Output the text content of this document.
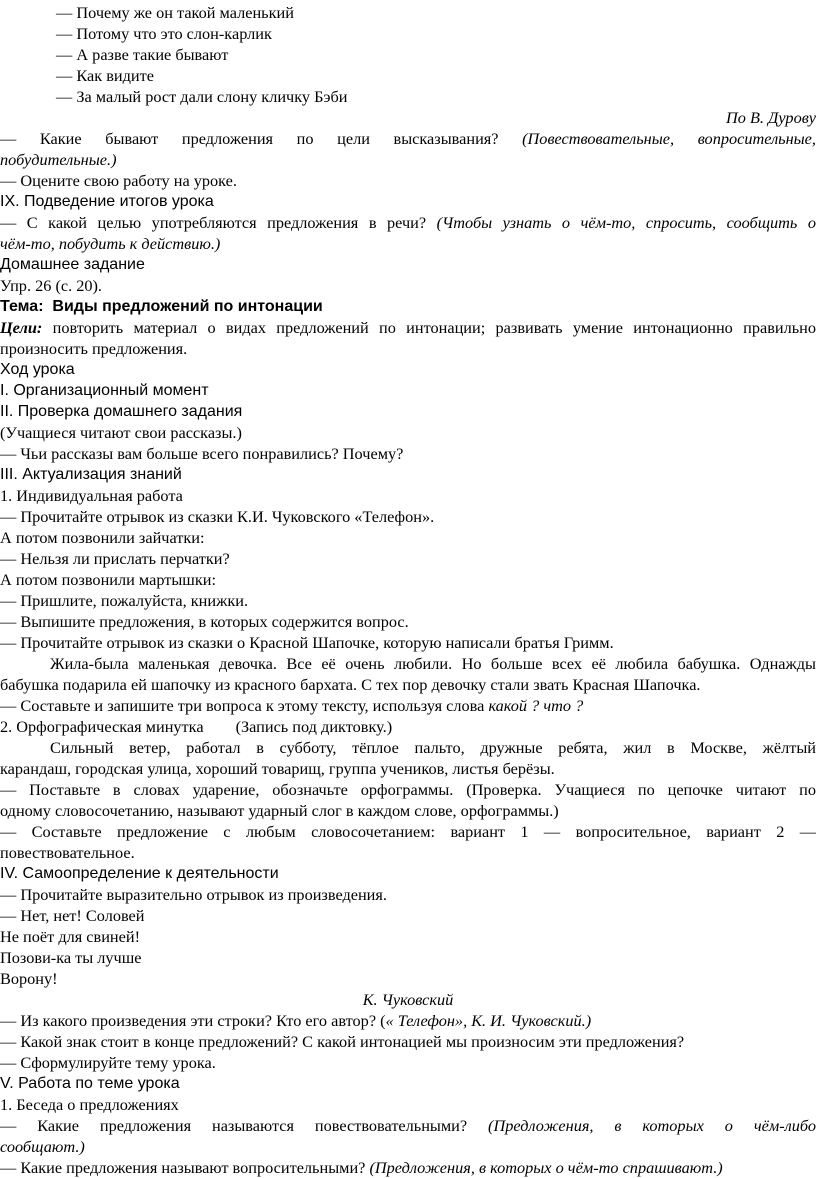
— Почему же он такой маленький
— Потому что это слон-карлик
— А разве такие бывают
— Как видите
— За малый рост дали слону кличку Бэби
По В. Дурову
— Какие бывают предложения по цели высказывания? (Повествовательные, вопросительные,
побудительные.)
— Оцените свою работу на уроке.
IX. Подведение итогов урока
— С какой целью употребляются предложения в речи? (Чтобы узнать о чём-то, спросить, сообщить о
чём-то, побудить к действию.)
Домашнее задание
Упр. 26 (с. 20).
Тема: Виды предложений по интонации
Цели: повторить материал о видах предложений по интонации; развивать умение интонационно правильно
произносить предложения.
Ход урока
I. Организационный момент
II. Проверка домашнего задания
(Учащиеся читают свои рассказы.)
— Чьи рассказы вам больше всего понравились? Почему?
III. Актуализация знаний
1. Индивидуальная работа
— Прочитайте отрывок из сказки К.И. Чуковского «Телефон».
А потом позвонили зайчатки:
— Нельзя ли прислать перчатки?
А потом позвонили мартышки:
— Пришлите, пожалуйста, книжки.
— Выпишите предложения, в которых содержится вопрос.
— Прочитайте отрывок из сказки о Красной Шапочке, которую написали братья Гримм.
Жила-была маленькая девочка. Все её очень любили. Но больше всех её любила бабушка. Однажды
бабушка подарила ей шапочку из красного бархата. С тех пор девочку стали звать Красная Шапочка.
— Составьте и запишите три вопроса к этому тексту, используя слова какой ? что ?
2. Орфографическая минутка (Запись под диктовку.)
Сильный ветер, работал в субботу, тёплое пальто, дружные ребята, жил в Москве, жёлтый
карандаш, городская улица, хороший товарищ, группа учеников, листья берёзы.
— Поставьте в словах ударение, обозначьте орфограммы. (Проверка. Учащиеся по цепочке читают по
одному словосочетанию, называют ударный слог в каждом слове, орфограммы.)
— Составьте предложение с любым словосочетанием: вариант 1 — вопросительное, вариант 2 —
повествовательное.
IV. Самоопределение к деятельности
— Прочитайте выразительно отрывок из произведения.
— Нет, нет! Соловей
Не поёт для свиней!
Позови-ка ты лучше
Ворону!
К. Чуковский
— Из какого произведения эти строки? Кто его автор? (« Телефон», К. И. Чуковский.)
— Какой знак стоит в конце предложений? С какой интонацией мы произносим эти предложения?
— Сформулируйте тему урока.
V. Работа по теме урока
1. Беседа о предложениях
— Какие предложения называются повествовательными? (Предложения, в которых о чём-либо
сообщают.)
— Какие предложения называют вопросительными? (Предложения, в которых о чём-то спрашивают.)
